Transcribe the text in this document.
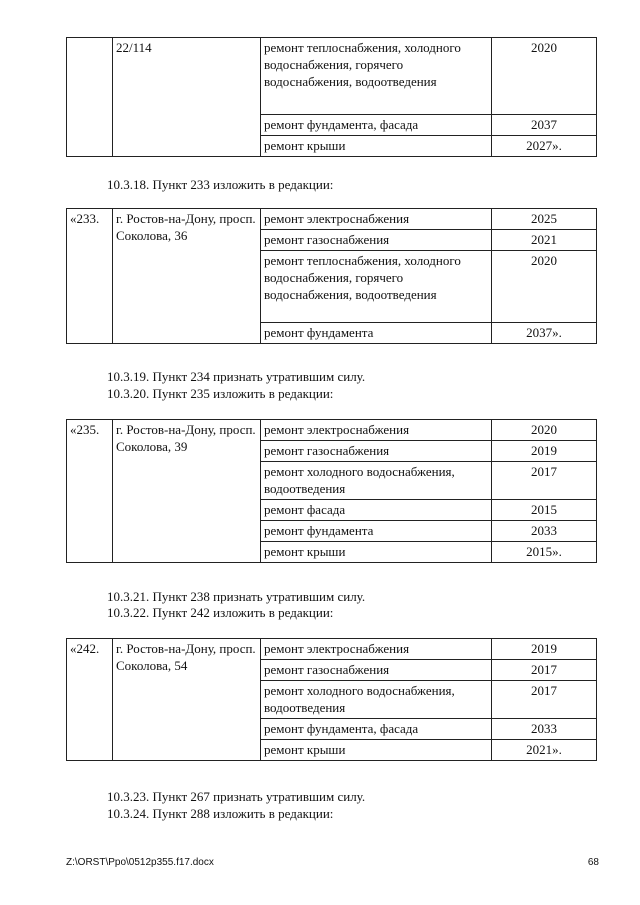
	22/114	ремонт теплоснабжения, холодного водоснабжения, горячего водоснабжения, водоотведения	2020
		ремонт фундамента, фасада	2037
		ремонт крыши	2027».
10.3.18. Пункт 233 изложить в редакции:
«233.	г. Ростов-на-Дону, просп. Соколова, 36	ремонт электроснабжения	2025
		ремонт газоснабжения	2021
		ремонт теплоснабжения, холодного водоснабжения, горячего водоснабжения, водоотведения	2020
		ремонт фундамента	2037».
10.3.19. Пункт 234 признать утратившим силу.
10.3.20. Пункт 235 изложить в редакции:
«235.	г. Ростов-на-Дону, просп. Соколова, 39	ремонт электроснабжения	2020
		ремонт газоснабжения	2019
		ремонт холодного водоснабжения, водоотведения	2017
		ремонт фасада	2015
		ремонт фундамента	2033
		ремонт крыши	2015».
10.3.21. Пункт 238 признать утратившим силу.
10.3.22. Пункт 242 изложить в редакции:
«242.	г. Ростов-на-Дону, просп. Соколова, 54	ремонт электроснабжения	2019
		ремонт газоснабжения	2017
		ремонт холодного водоснабжения, водоотведения	2017
		ремонт фундамента, фасада	2033
		ремонт крыши	2021».
10.3.23. Пункт 267 признать утратившим силу.
10.3.24. Пункт 288 изложить в редакции:
Z:\ORST\Ppo\0512p355.f17.docx	68
